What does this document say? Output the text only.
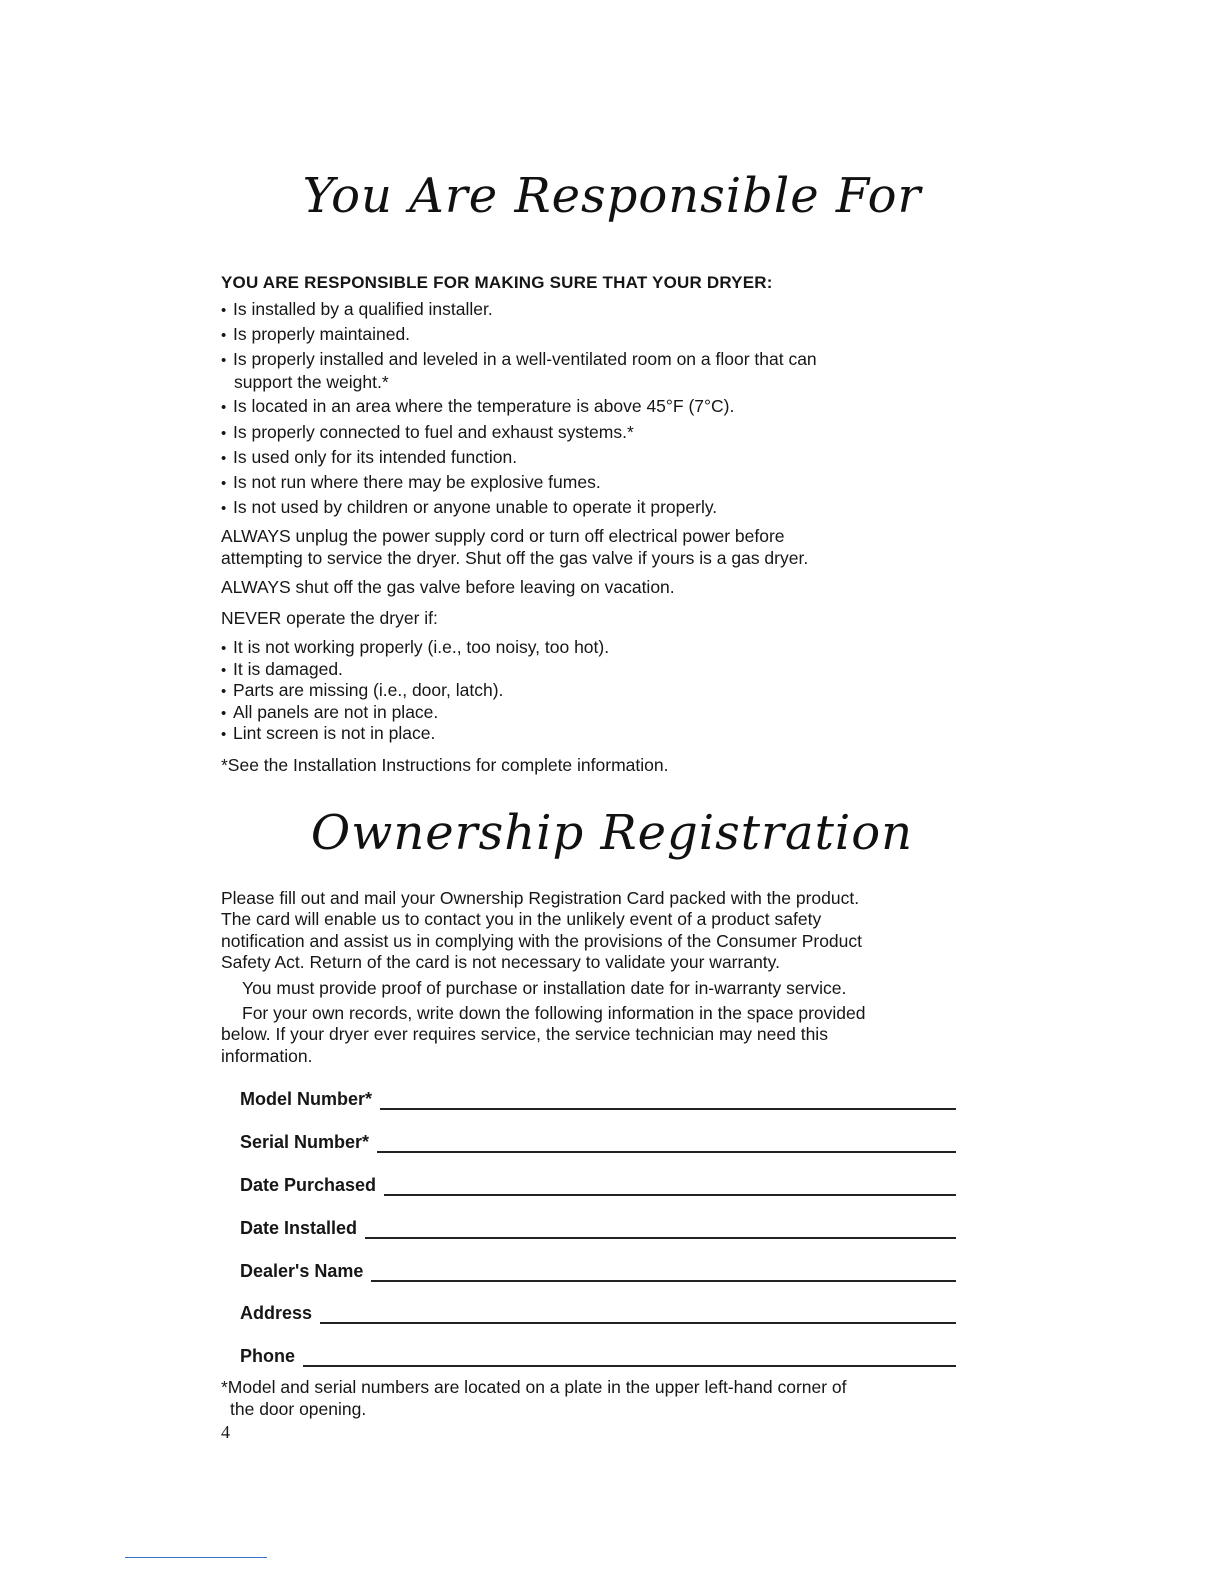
You Are Responsible For
YOU ARE RESPONSIBLE FOR MAKING SURE THAT YOUR DRYER:
• Is installed by a qualified installer.
• Is properly maintained.
• Is properly installed and leveled in a well-ventilated room on a floor that can
support the weight.*
• Is located in an area where the temperature is above 45°F (7°C).
• Is properly connected to fuel and exhaust systems.*
• Is used only for its intended function.
• Is not run where there may be explosive fumes.
• Is not used by children or anyone unable to operate it properly.
ALWAYS unplug the power supply cord or turn off electrical power before
attempting to service the dryer. Shut off the gas valve if yours is a gas dryer.
ALWAYS shut off the gas valve before leaving on vacation.
NEVER operate the dryer if:
• It is not working properly (i.e., too noisy, too hot).
• It is damaged.
• Parts are missing (i.e., door, latch).
• All panels are not in place.
• Lint screen is not in place.
*See the Installation Instructions for complete information.
Ownership Registration
Please fill out and mail your Ownership Registration Card packed with the product.
The card will enable us to contact you in the unlikely event of a product safety
notification and assist us in complying with the provisions of the Consumer Product
Safety Act. Return of the card is not necessary to validate your warranty.
You must provide proof of purchase or installation date for in-warranty service.
For your own records, write down the following information in the space provided
below. If your dryer ever requires service, the service technician may need this
information.
Model Number*
Serial Number*
Date Purchased
Date Installed
Dealer's Name
Address
Phone
*Model and serial numbers are located on a plate in the upper left-hand corner of
the door opening.
4
